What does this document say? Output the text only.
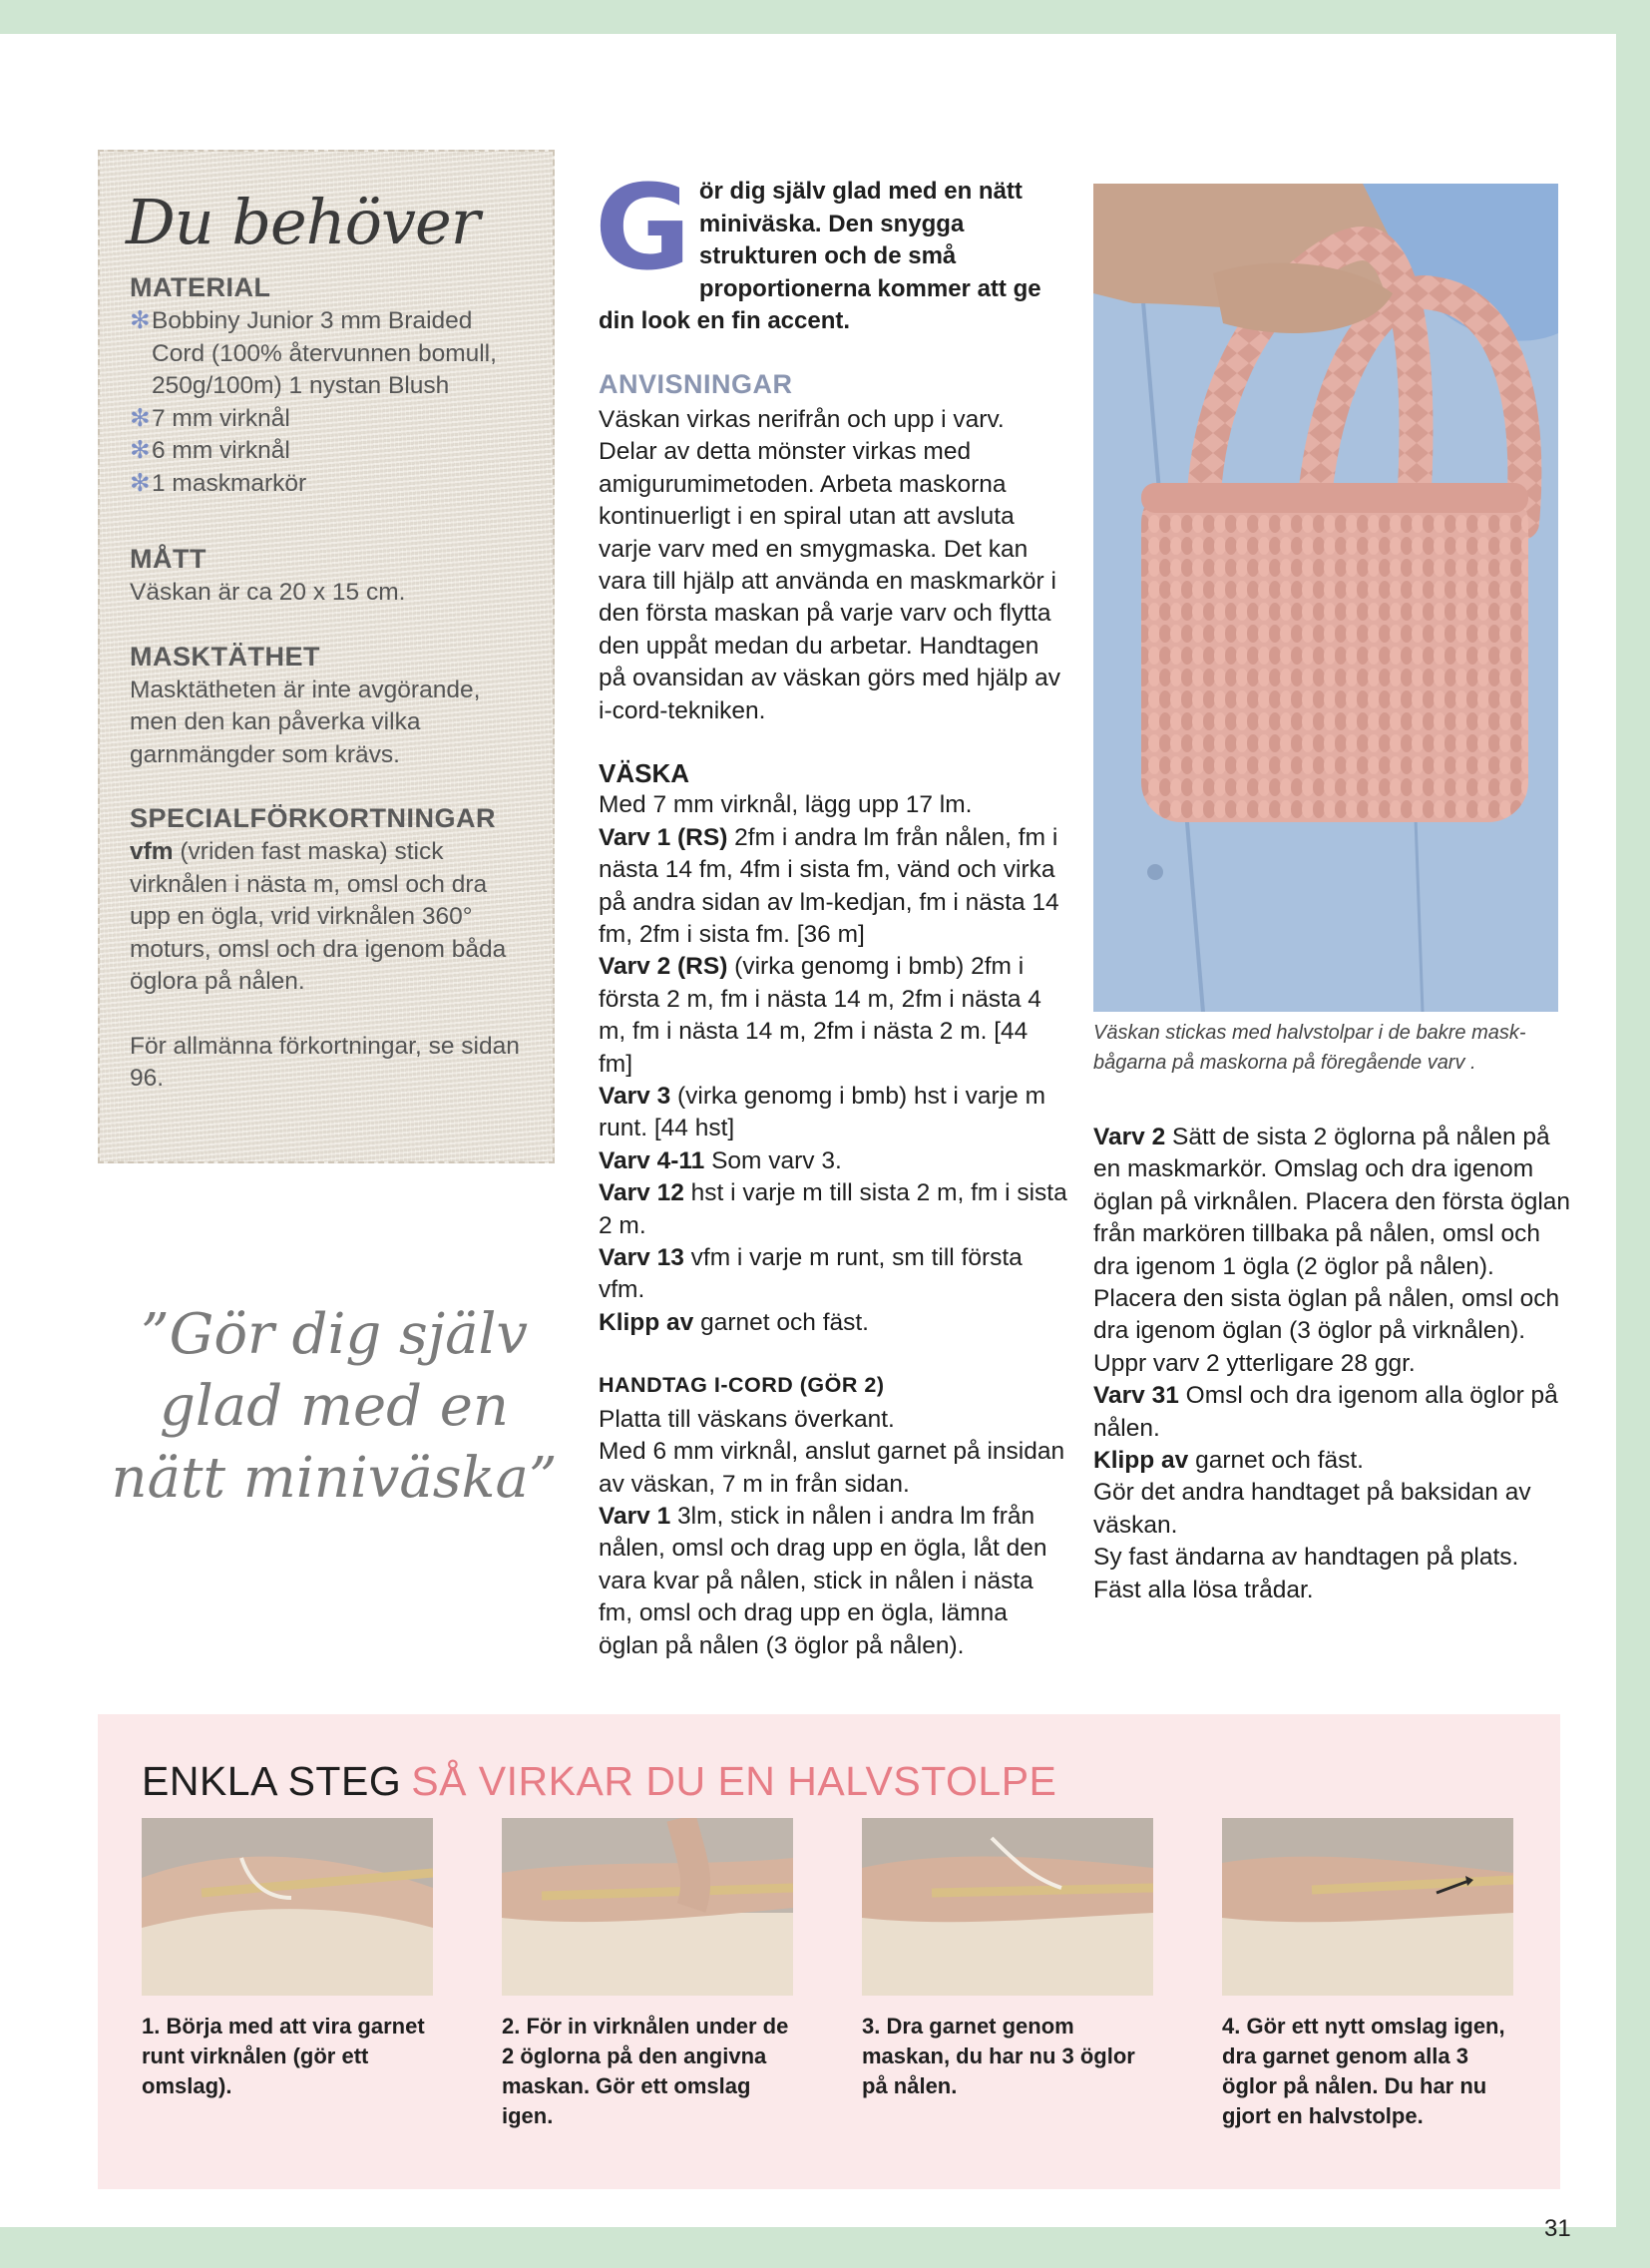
Du behöver
MATERIAL
✻ Bobbiny Junior 3 mm Braided Cord (100% återvunnen bomull, 250g/100m) 1 nystan Blush
✻ 7 mm virknål
✻ 6 mm virknål
✻ 1 maskmarkör
MÅTT

Väskan är ca 20 x 15 cm.

MASKTÄTHET

Masktätheten är inte avgörande, men den kan påverka vilka garnmängder som krävs.

SPECIALFÖRKORTNINGAR

vfm (vriden fast maska) stick virknålen i nästa m, omsl och dra upp en ögla, vrid virknålen 360° moturs, omsl och dra igenom båda öglora på nålen.

För allmänna förkortningar, se sidan 96.

”Gör dig själv glad med en nätt miniväska”

Gör dig själv glad med en nätt miniväska. Den snygga strukturen och de små proportionerna kommer att ge din look en fin accent.

ANVISNINGAR

Väskan virkas nerifrån och upp i varv. Delar av detta mönster virkas med amigurumimetoden. Arbeta maskorna kontinuerligt i en spiral utan att avsluta varje varv med en smygmaska. Det kan vara till hjälp att använda en maskmarkör i den första maskan på varje varv och flytta den uppåt medan du arbetar. Handtagen på ovansidan av väskan görs med hjälp av i-cord-tekniken.

VÄSKA

Med 7 mm virknål, lägg upp 17 lm.

Varv 1 (RS) 2fm i andra lm från nålen, fm i nästa 14 fm, 4fm i sista fm, vänd och virka på andra sidan av lm-kedjan, fm i nästa 14 fm, 2fm i sista fm. [36 m]

Varv 2 (RS) (virka genomg i bmb) 2fm i första 2 m, fm i nästa 14 m, 2fm i nästa 4 m, fm i nästa 14 m, 2fm i nästa 2 m. [44 fm]

Varv 3 (virka genomg i bmb) hst i varje m runt. [44 hst]

Varv 4-11 Som varv 3.

Varv 12 hst i varje m till sista 2 m, fm i sista 2 m.

Varv 13 vfm i varje m runt, sm till första vfm.

Klipp av garnet och fäst.

HANDTAG I-CORD (GÖR 2)

Platta till väskans överkant.

Med 6 mm virknål, anslut garnet på insidan av väskan, 7 m in från sidan.

Varv 1 3lm, stick in nålen i andra lm från nålen, omsl och drag upp en ögla, låt den vara kvar på nålen, stick in nålen i nästa fm, omsl och drag upp en ögla, lämna öglan på nålen (3 öglor på nålen).

Väskan stickas med halvstolpar i de bakre mask-bågarna på maskorna på föregående varv .

Varv 2 Sätt de sista 2 öglorna på nålen på en maskmarkör. Omslag och dra igenom öglan på virknålen. Placera den första öglan från markören tillbaka på nålen, omsl och dra igenom 1 ögla (2 öglor på nålen). Placera den sista öglan på nålen, omsl och dra igenom öglan (3 öglor på virknålen).

Uppr varv 2 ytterligare 28 ggr.

Varv 31 Omsl och dra igenom alla öglor på nålen.

Klipp av garnet och fäst.

Gör det andra handtaget på baksidan av väskan.

Sy fast ändarna av handtagen på plats.

Fäst alla lösa trådar.

ENKLA STEG SÅ VIRKAR DU EN HALVSTOLPE
1. Börja med att vira garnet runt virknålen (gör ett omslag).
2. För in virknålen under de 2 öglorna på den angivna maskan. Gör ett omslag igen.
3. Dra garnet genom maskan, du har nu 3 öglor på nålen.
4. Gör ett nytt omslag igen, dra garnet genom alla 3 öglor på nålen. Du har nu gjort en halvstolpe.
31
